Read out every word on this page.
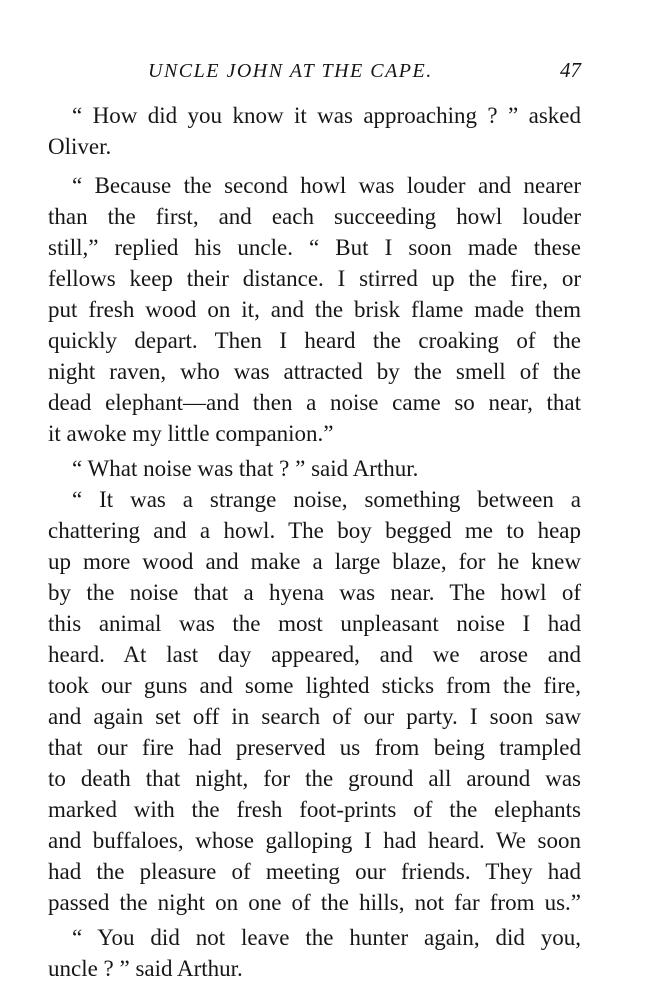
UNCLE JOHN AT THE CAPE.	47
“ How did you know it was approaching ? ” asked
Oliver.
“ Because the second howl was louder and nearer
than the first, and each succeeding howl louder
still,” replied his uncle. “ But I soon made these
fellows keep their distance. I stirred up the fire, or
put fresh wood on it, and the brisk flame made them
quickly depart. Then I heard the croaking of the
night raven, who was attracted by the smell of the
dead elephant—and then a noise came so near, that
it awoke my little companion.”
“ What noise was that ? ” said Arthur.
“ It was a strange noise, something between a
chattering and a howl. The boy begged me to heap
up more wood and make a large blaze, for he knew
by the noise that a hyena was near. The howl of
this animal was the most unpleasant noise I had
heard. At last day appeared, and we arose and
took our guns and some lighted sticks from the fire,
and again set off in search of our party. I soon saw
that our fire had preserved us from being trampled
to death that night, for the ground all around was
marked with the fresh foot-prints of the elephants
and buffaloes, whose galloping I had heard. We soon
had the pleasure of meeting our friends. They had
passed the night on one of the hills, not far from us.”
“ You did not leave the hunter again, did you,
uncle ? ” said Arthur.
